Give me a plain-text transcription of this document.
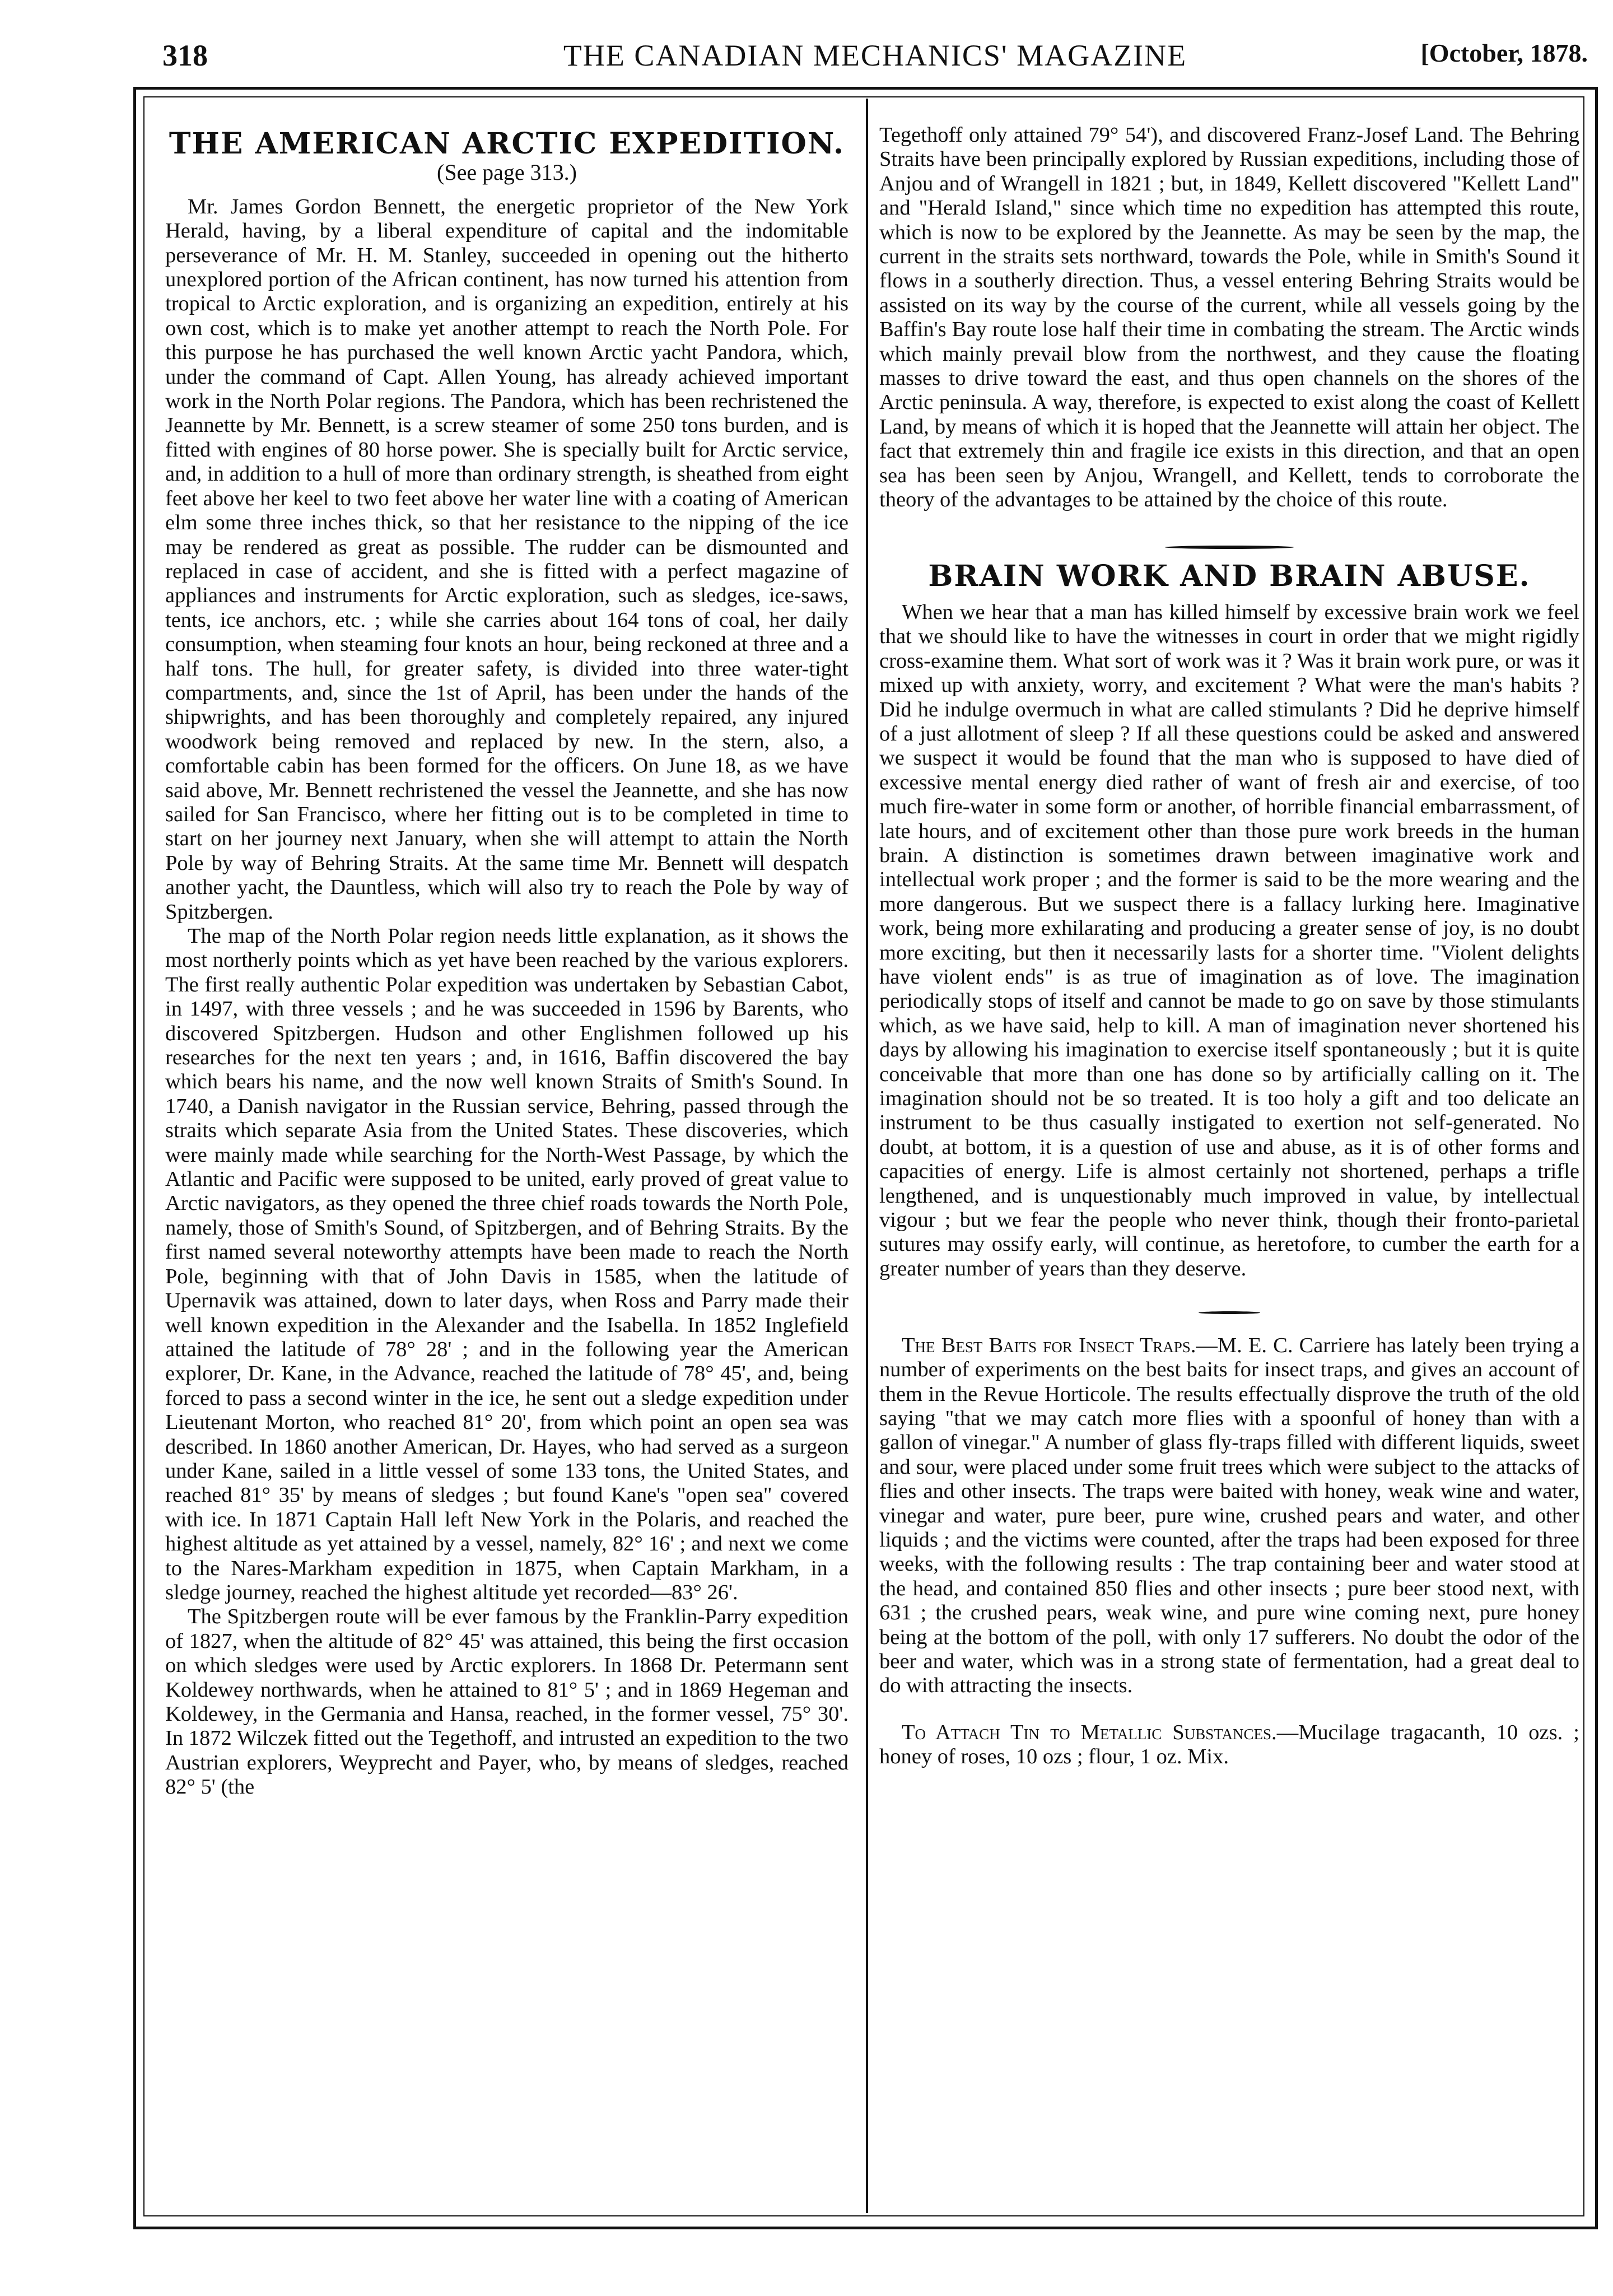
318	THE CANADIAN MECHANICS' MAGAZINE	[October, 1878.
THE AMERICAN ARCTIC EXPEDITION.
(See page 313.)

Mr. James Gordon Bennett, the energetic proprietor of the New York Herald, having, by a liberal expenditure of capital and the indomitable perseverance of Mr. H. M. Stanley, succeeded in opening out the hitherto unexplored portion of the African continent, has now turned his attention from tropical to Arctic exploration, and is organizing an expedition, entirely at his own cost, which is to make yet another attempt to reach the North Pole. For this purpose he has purchased the well known Arctic yacht Pandora, which, under the command of Capt. Allen Young, has already achieved important work in the North Polar regions. The Pandora, which has been rechristened the Jeannette by Mr. Bennett, is a screw steamer of some 250 tons burden, and is fitted with engines of 80 horse power. She is specially built for Arctic service, and, in addition to a hull of more than ordinary strength, is sheathed from eight feet above her keel to two feet above her water line with a coating of American elm some three inches thick, so that her resistance to the nipping of the ice may be rendered as great as possible. The rudder can be dismounted and replaced in case of accident, and she is fitted with a perfect magazine of appliances and instruments for Arctic exploration, such as sledges, ice-saws, tents, ice anchors, etc. ; while she carries about 164 tons of coal, her daily consumption, when steaming four knots an hour, being reckoned at three and a half tons. The hull, for greater safety, is divided into three water-tight compartments, and, since the 1st of April, has been under the hands of the shipwrights, and has been thoroughly and completely repaired, any injured woodwork being removed and replaced by new. In the stern, also, a comfortable cabin has been formed for the officers. On June 18, as we have said above, Mr. Bennett rechristened the vessel the Jeannette, and she has now sailed for San Francisco, where her fitting out is to be completed in time to start on her journey next January, when she will attempt to attain the North Pole by way of Behring Straits. At the same time Mr. Bennett will despatch another yacht, the Dauntless, which will also try to reach the Pole by way of Spitzbergen.

The map of the North Polar region needs little explanation, as it shows the most northerly points which as yet have been reached by the various explorers. The first really authentic Polar expedition was undertaken by Sebastian Cabot, in 1497, with three vessels ; and he was succeeded in 1596 by Barents, who discovered Spitzbergen. Hudson and other Englishmen followed up his researches for the next ten years ; and, in 1616, Baffin discovered the bay which bears his name, and the now well known Straits of Smith's Sound. In 1740, a Danish navigator in the Russian service, Behring, passed through the straits which separate Asia from the United States. These discoveries, which were mainly made while searching for the North-West Passage, by which the Atlantic and Pacific were supposed to be united, early proved of great value to Arctic navigators, as they opened the three chief roads towards the North Pole, namely, those of Smith's Sound, of Spitzbergen, and of Behring Straits. By the first named several noteworthy attempts have been made to reach the North Pole, beginning with that of John Davis in 1585, when the latitude of Upernavik was attained, down to later days, when Ross and Parry made their well known expedition in the Alexander and the Isabella. In 1852 Inglefield attained the latitude of 78° 28' ; and in the following year the American explorer, Dr. Kane, in the Advance, reached the latitude of 78° 45', and, being forced to pass a second winter in the ice, he sent out a sledge expedition under Lieutenant Morton, who reached 81° 20', from which point an open sea was described. In 1860 another American, Dr. Hayes, who had served as a surgeon under Kane, sailed in a little vessel of some 133 tons, the United States, and reached 81° 35' by means of sledges ; but found Kane's "open sea" covered with ice. In 1871 Captain Hall left New York in the Polaris, and reached the highest altitude as yet attained by a vessel, namely, 82° 16' ; and next we come to the Nares-Markham expedition in 1875, when Captain Markham, in a sledge journey, reached the highest altitude yet recorded—83° 26'.

The Spitzbergen route will be ever famous by the Franklin-Parry expedition of 1827, when the altitude of 82° 45' was attained, this being the first occasion on which sledges were used by Arctic explorers. In 1868 Dr. Petermann sent Koldewey northwards, when he attained to 81° 5' ; and in 1869 Hegeman and Koldewey, in the Germania and Hansa, reached, in the former vessel, 75° 30'. In 1872 Wilczek fitted out the Tegethoff, and intrusted an expedition to the two Austrian explorers, Weyprecht and Payer, who, by means of sledges, reached 82° 5' (the

Tegethoff only attained 79° 54'), and discovered Franz-Josef Land. The Behring Straits have been principally explored by Russian expeditions, including those of Anjou and of Wrangell in 1821 ; but, in 1849, Kellett discovered "Kellett Land" and "Herald Island," since which time no expedition has attempted this route, which is now to be explored by the Jeannette. As may be seen by the map, the current in the straits sets northward, towards the Pole, while in Smith's Sound it flows in a southerly direction. Thus, a vessel entering Behring Straits would be assisted on its way by the course of the current, while all vessels going by the Baffin's Bay route lose half their time in combating the stream. The Arctic winds which mainly prevail blow from the northwest, and they cause the floating masses to drive toward the east, and thus open channels on the shores of the Arctic peninsula. A way, therefore, is expected to exist along the coast of Kellett Land, by means of which it is hoped that the Jeannette will attain her object. The fact that extremely thin and fragile ice exists in this direction, and that an open sea has been seen by Anjou, Wrangell, and Kellett, tends to corroborate the theory of the advantages to be attained by the choice of this route.

BRAIN WORK AND BRAIN ABUSE.

When we hear that a man has killed himself by excessive brain work we feel that we should like to have the witnesses in court in order that we might rigidly cross-examine them. What sort of work was it ? Was it brain work pure, or was it mixed up with anxiety, worry, and excitement ? What were the man's habits ? Did he indulge overmuch in what are called stimulants ? Did he deprive himself of a just allotment of sleep ? If all these questions could be asked and answered we suspect it would be found that the man who is supposed to have died of excessive mental energy died rather of want of fresh air and exercise, of too much fire-water in some form or another, of horrible financial embarrassment, of late hours, and of excitement other than those pure work breeds in the human brain. A distinction is sometimes drawn between imaginative work and intellectual work proper ; and the former is said to be the more wearing and the more dangerous. But we suspect there is a fallacy lurking here. Imaginative work, being more exhilarating and producing a greater sense of joy, is no doubt more exciting, but then it necessarily lasts for a shorter time. "Violent delights have violent ends" is as true of imagination as of love. The imagination periodically stops of itself and cannot be made to go on save by those stimulants which, as we have said, help to kill. A man of imagination never shortened his days by allowing his imagination to exercise itself spontaneously ; but it is quite conceivable that more than one has done so by artificially calling on it. The imagination should not be so treated. It is too holy a gift and too delicate an instrument to be thus casually instigated to exertion not self-generated. No doubt, at bottom, it is a question of use and abuse, as it is of other forms and capacities of energy. Life is almost certainly not shortened, perhaps a trifle lengthened, and is unquestionably much improved in value, by intellectual vigour ; but we fear the people who never think, though their fronto-parietal sutures may ossify early, will continue, as heretofore, to cumber the earth for a greater number of years than they deserve.

The Best Baits for Insect Traps.—M. E. C. Carriere has lately been trying a number of experiments on the best baits for insect traps, and gives an account of them in the Revue Horticole. The results effectually disprove the truth of the old saying "that we may catch more flies with a spoonful of honey than with a gallon of vinegar." A number of glass fly-traps filled with different liquids, sweet and sour, were placed under some fruit trees which were subject to the attacks of flies and other insects. The traps were baited with honey, weak wine and water, vinegar and water, pure beer, pure wine, crushed pears and water, and other liquids ; and the victims were counted, after the traps had been exposed for three weeks, with the following results : The trap containing beer and water stood at the head, and contained 850 flies and other insects ; pure beer stood next, with 631 ; the crushed pears, weak wine, and pure wine coming next, pure honey being at the bottom of the poll, with only 17 sufferers. No doubt the odor of the beer and water, which was in a strong state of fermentation, had a great deal to do with attracting the insects.

To Attach Tin to Metallic Substances.—Mucilage tragacanth, 10 ozs. ; honey of roses, 10 ozs ; flour, 1 oz. Mix.
